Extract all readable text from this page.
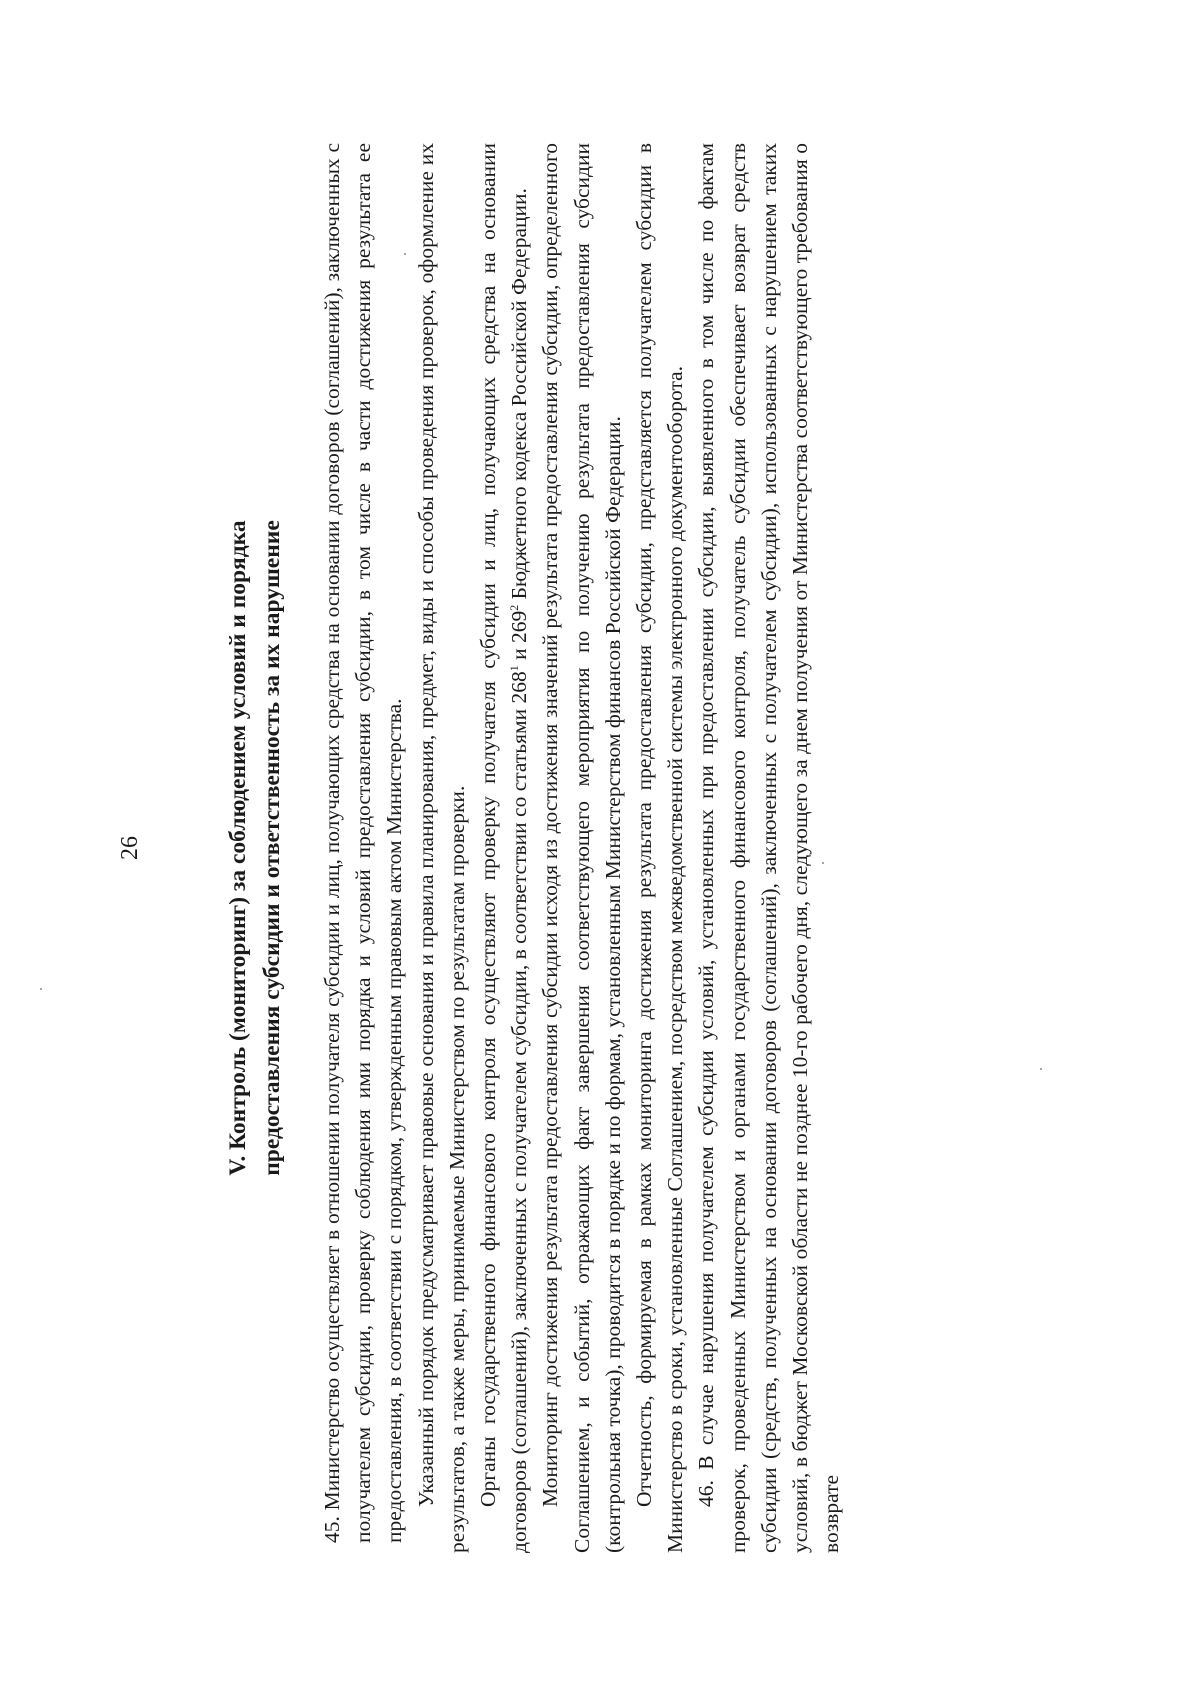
26	V. Контроль (мониторинг) за соблюдением условий и порядка предоставления субсидии и ответственность за их нарушение 45. Министерство осуществляет в отношении получателя субсидии и лиц, получающих средства на основании договоров (соглашений), заключенных с получателем субсидии, проверку соблюдения ими порядка и условий предоставления субсидии, в том числе в части достижения результата ее предоставления, в соответствии с порядком, утвержденным правовым актом Министерства. Указанный порядок предусматривает правовые основания и правила планирования, предмет, виды и способы проведения проверок, оформление их результатов, а также меры, принимаемые Министерством по результатам проверки. Органы государственного финансового контроля осуществляют проверку получателя субсидии и лиц, получающих средства на основании договоров (соглашений), заключенных с получателем субсидии, в соответствии со статьями $268^1$ и $269^2$ Бюджетного кодекса Российской Федерации. Мониторинг достижения результата предоставления субсидии исходя из достижения значений результата предоставления субсидии, определенного Соглашением, и событий, отражающих факт завершения соответствующего мероприятия по получению результата предоставления субсидии (контрольная точка), проводится в порядке и по формам, установленным Министерством финансов Российской Федерации. Отчетность, формируемая в рамках мониторинга достижения результата предоставления субсидии, представляется получателем субсидии в Министерство в сроки, установленные Соглашением, посредством межведомственной системы электронного документооборота. 46. В случае нарушения получателем субсидии условий, установленных при предоставлении субсидии, выявленного в том числе по фактам проверок, проведенных Министерством и органами государственного финансового контроля, получатель субсидии обеспечивает возврат средств субсидии (средств, полученных на основании договоров (соглашений), заключенных с получателем субсидии), использованных с нарушением таких условий, в бюджет Московской области не позднее 10-го рабочего дня, следующего за днем получения от Министерства соответствующего требования о возврате
